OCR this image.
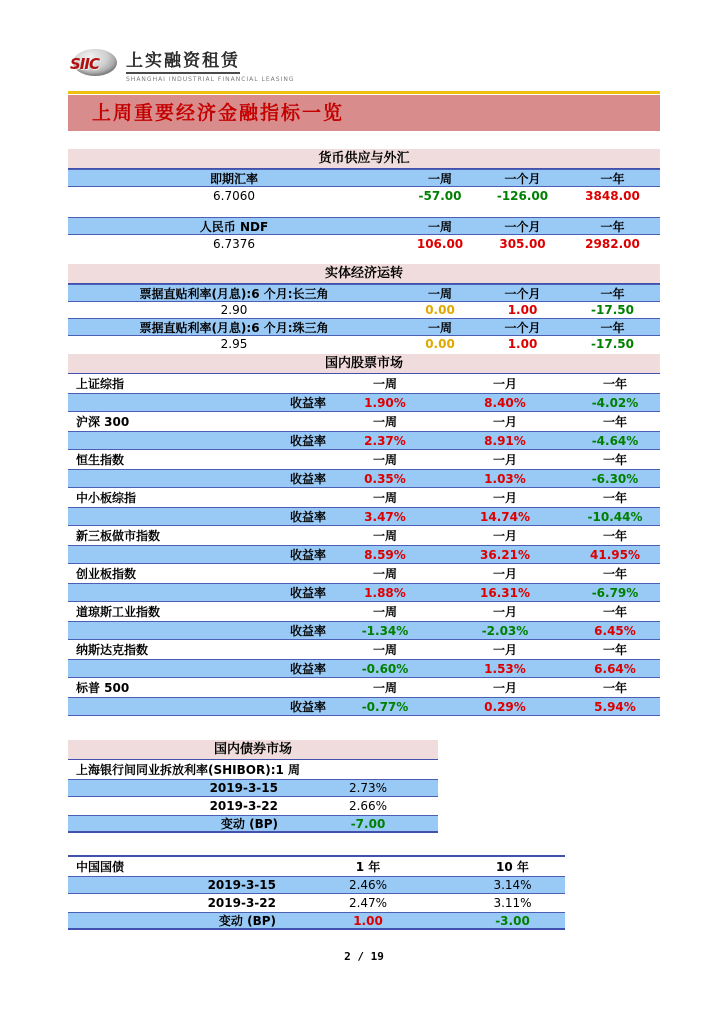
SIIC 上实融资租赁
SHANGHAI INDUSTRIAL FINANCIAL LEASING
上周重要经济金融指标一览
货币供应与外汇
即期汇率	一周	一个月	一年
6.7060	-57.00	-126.00	3848.00
人民币 NDF	一周	一个月	一年
6.7376	106.00	305.00	2982.00
实体经济运转
票据直贴利率(月息):6 个月:长三角	一周	一个月	一年
2.90	0.00	1.00	-17.50
票据直贴利率(月息):6 个月:珠三角	一周	一个月	一年
2.95	0.00	1.00	-17.50
国内股票市场
上证综指	一周	一月	一年
收益率	1.90%	8.40%	-4.02%
沪深 300	一周	一月	一年
收益率	2.37%	8.91%	-4.64%
恒生指数	一周	一月	一年
收益率	0.35%	1.03%	-6.30%
中小板综指	一周	一月	一年
收益率	3.47%	14.74%	-10.44%
新三板做市指数	一周	一月	一年
收益率	8.59%	36.21%	41.95%
创业板指数	一周	一月	一年
收益率	1.88%	16.31%	-6.79%
道琼斯工业指数	一周	一月	一年
收益率	-1.34%	-2.03%	6.45%
纳斯达克指数	一周	一月	一年
收益率	-0.60%	1.53%	6.64%
标普 500	一周	一月	一年
收益率	-0.77%	0.29%	5.94%
国内债券市场
上海银行间同业拆放利率(SHIBOR):1 周
2019-3-15	2.73%
2019-3-22	2.66%
变动 (BP)	-7.00
中国国债	1 年	10 年
2019-3-15	2.46%	3.14%
2019-3-22	2.47%	3.11%
变动 (BP)	1.00	-3.00
2 / 19
